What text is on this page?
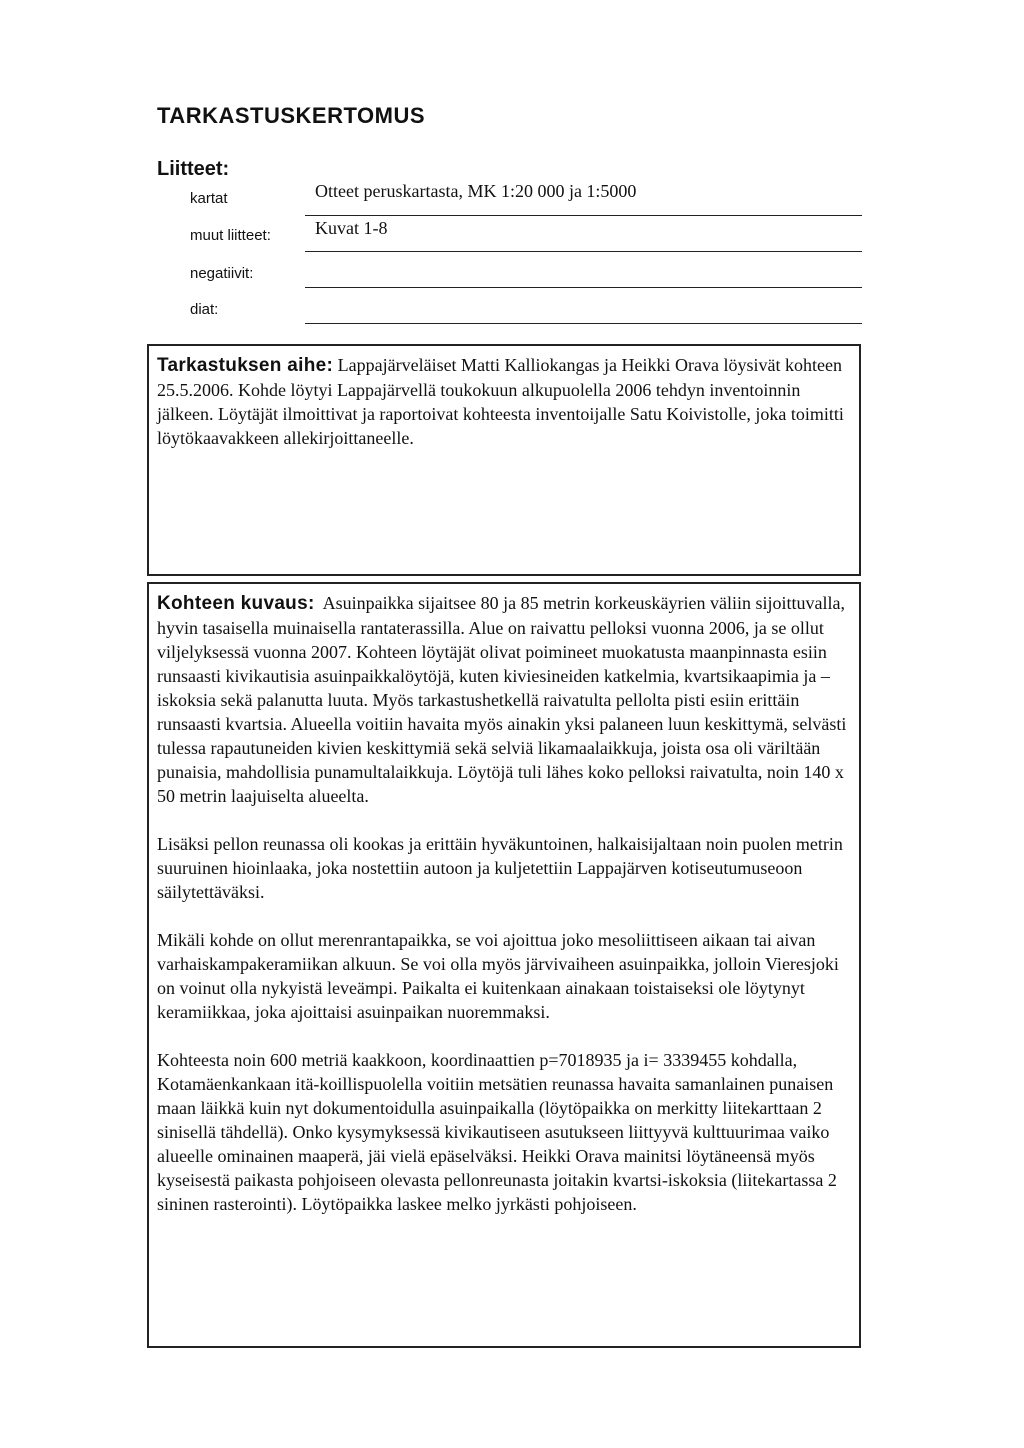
TARKASTUSKERTOMUS
Liitteet:
kartat	Otteet peruskartasta, MK 1:20 000 ja 1:5000
muut liitteet: Kuvat 1-8
negatiivit:
diat:

Tarkastuksen aihe: Lappajärveläiset Matti Kalliokangas ja Heikki Orava löysivät kohteen 25.5.2006. Kohde löytyi Lappajärvellä toukokuun alkupuolella 2006 tehdyn inventoinnin jälkeen. Löytäjät ilmoittivat ja raportoivat kohteesta inventoijalle Satu Koivistolle, joka toimitti löytökaavakkeen allekirjoittaneelle.

Kohteen kuvaus: Asuinpaikka sijaitsee 80 ja 85 metrin korkeuskäyrien väliin sijoittuvalla, hyvin tasaisella muinaisella rantaterassilla. Alue on raivattu pelloksi vuonna 2006, ja se ollut viljelyksessä vuonna 2007. Kohteen löytäjät olivat poimineet muokatusta maanpinnasta esiin runsaasti kivikautisia asuinpaikkalöytöjä, kuten kiviesineiden katkelmia, kvartsikaapimia ja –iskoksia sekä palanutta luuta. Myös tarkastushetkellä raivatulta pellolta pisti esiin erittäin runsaasti kvartsia. Alueella voitiin havaita myös ainakin yksi palaneen luun keskittymä, selvästi tulessa rapautuneiden kivien keskittymiä sekä selviä likamaalaikkuja, joista osa oli väriltään punaisia, mahdollisia punamultalaikkuja. Löytöjä tuli lähes koko pelloksi raivatulta, noin 140 x 50 metrin laajuiselta alueelta.

Lisäksi pellon reunassa oli kookas ja erittäin hyväkuntoinen, halkaisijaltaan noin puolen metrin suuruinen hioinlaaka, joka nostettiin autoon ja kuljetettiin Lappajärven kotiseutumuseoon säilytettäväksi.

Mikäli kohde on ollut merenrantapaikka, se voi ajoittua joko mesoliittiseen aikaan tai aivan varhaiskampakeramiikan alkuun. Se voi olla myös järvivaiheen asuinpaikka, jolloin Vieresjoki on voinut olla nykyistä leveämpi. Paikalta ei kuitenkaan ainakaan toistaiseksi ole löytynyt keramiikkaa, joka ajoittaisi asuinpaikan nuoremmaksi.

Kohteesta noin 600 metriä kaakkoon, koordinaattien p=7018935 ja i= 3339455 kohdalla, Kotamäenkankaan itä-koillispuolella voitiin metsätien reunassa havaita samanlainen punaisen maan läikkä kuin nyt dokumentoidulla asuinpaikalla (löytöpaikka on merkitty liitekarttaan 2 sinisellä tähdellä). Onko kysymyksessä kivikautiseen asutukseen liittyyvä kulttuurimaa vaiko alueelle ominainen maaperä, jäi vielä epäselväksi. Heikki Orava mainitsi löytäneensä myös kyseisestä paikasta pohjoiseen olevasta pellonreunasta joitakin kvartsi-iskoksia (liitekartassa 2 sininen rasterointi). Löytöpaikka laskee melko jyrkästi pohjoiseen.
